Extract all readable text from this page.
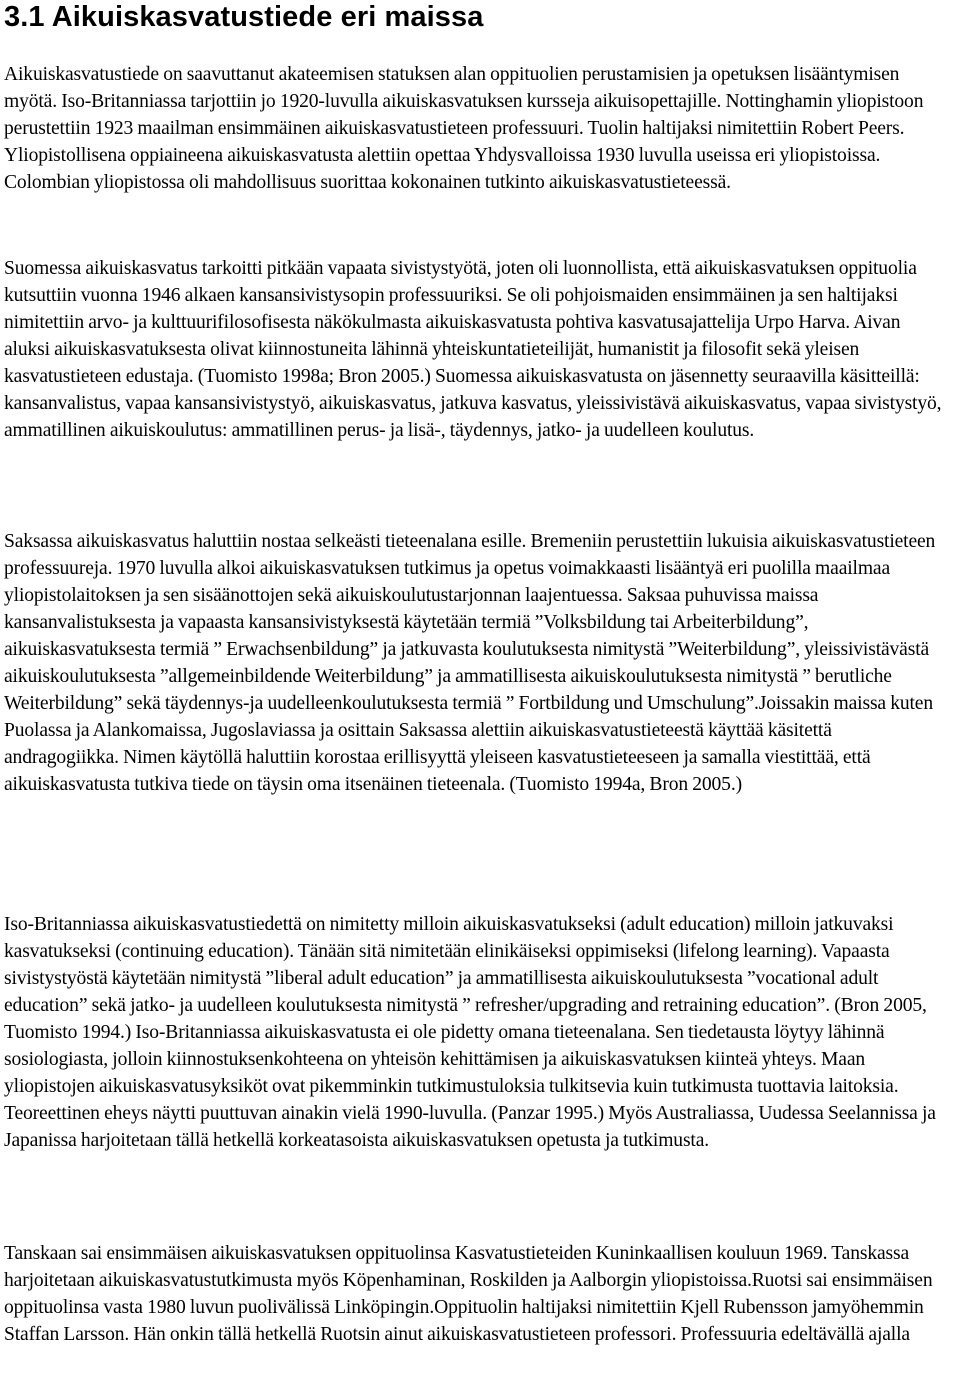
3.1 Aikuiskasvatustiede eri maissa

Aikuiskasvatustiede on saavuttanut akateemisen statuksen alan oppituolien perustamisien ja opetuksen lisääntymisen myötä. Iso-Britanniassa tarjottiin jo 1920-luvulla aikuiskasvatuksen kursseja aikuisopettajille. Nottinghamin yliopistoon perustettiin 1923 maailman ensimmäinen aikuiskasvatustieteen professuuri. Tuolin haltijaksi nimitettiin Robert Peers. Yliopistollisena oppiaineena aikuiskasvatusta alettiin opettaa Yhdysvalloissa 1930 luvulla useissa eri yliopistoissa. Colombian yliopistossa oli mahdollisuus suorittaa kokonainen tutkinto aikuiskasvatustieteessä.

Suomessa aikuiskasvatus tarkoitti pitkään vapaata sivistystyötä, joten oli luonnollista, että aikuiskasvatuksen oppituolia kutsuttiin vuonna 1946 alkaen kansansivistysopin professuuriksi. Se oli pohjoismaiden ensimmäinen ja sen haltijaksi nimitettiin arvo- ja kulttuurifilosofisesta näkökulmasta aikuiskasvatusta pohtiva kasvatusajattelija Urpo Harva. Aivan aluksi aikuiskasvatuksesta olivat kiinnostuneita lähinnä yhteiskuntatieteilijät, humanistit ja filosofit sekä yleisen kasvatustieteen edustaja. (Tuomisto 1998a; Bron 2005.) Suomessa aikuiskasvatusta on jäsennetty seuraavilla käsitteillä: kansanvalistus, vapaa kansansivistystyö, aikuiskasvatus, jatkuva kasvatus, yleissivistävä aikuiskasvatus, vapaa sivistystyö, ammatillinen aikuiskoulutus: ammatillinen perus- ja lisä-, täydennys, jatko- ja uudelleen koulutus.

Saksassa aikuiskasvatus haluttiin nostaa selkeästi tieteenalana esille. Bremeniin perustettiin lukuisia aikuiskasvatustieteen professuureja. 1970 luvulla alkoi aikuiskasvatuksen tutkimus ja opetus voimakkaasti lisääntyä eri puolilla maailmaa yliopistolaitoksen ja sen sisäänottojen sekä aikuiskoulutustarjonnan laajentuessa. Saksaa puhuvissa maissa kansanvalistuksesta ja vapaasta kansansivistyksestä käytetään termiä ”Volksbildung tai Arbeiterbildung”, aikuiskasvatuksesta termiä ” Erwachsenbildung” ja jatkuvasta koulutuksesta nimitystä ”Weiterbildung”, yleissivistävästä aikuiskoulutuksesta ”allgemeinbildende Weiterbildung” ja ammatillisesta aikuiskoulutuksesta nimitystä ” berutliche Weiterbildung” sekä täydennys-ja uudelleenkoulutuksesta termiä ” Fortbildung und Umschulung”.Joissakin maissa kuten Puolassa ja Alankomaissa, Jugoslaviassa ja osittain Saksassa alettiin aikuiskasvatustieteestä käyttää käsitettä andragogiikka. Nimen käytöllä haluttiin korostaa erillisyyttä yleiseen kasvatustieteeseen ja samalla viestittää, että aikuiskasvatusta tutkiva tiede on täysin oma itsenäinen tieteenala. (Tuomisto 1994a, Bron 2005.)

Iso-Britanniassa aikuiskasvatustiedettä on nimitetty milloin aikuiskasvatukseksi (adult education) milloin jatkuvaksi kasvatukseksi (continuing education). Tänään sitä nimitetään elinikäiseksi oppimiseksi (lifelong learning). Vapaasta sivistystyöstä käytetään nimitystä ”liberal adult education” ja ammatillisesta aikuiskoulutuksesta ”vocational adult education” sekä jatko- ja uudelleen koulutuksesta nimitystä ” refresher/upgrading and retraining education”. (Bron 2005, Tuomisto 1994.) Iso-Britanniassa aikuiskasvatusta ei ole pidetty omana tieteenalana. Sen tiedetausta löytyy lähinnä sosiologiasta, jolloin kiinnostuksenkohteena on yhteisön kehittämisen ja aikuiskasvatuksen kiinteä yhteys. Maan yliopistojen aikuiskasvatusyksiköt ovat pikemminkin tutkimustuloksia tulkitsevia kuin tutkimusta tuottavia laitoksia. Teoreettinen eheys näytti puuttuvan ainakin vielä 1990-luvulla. (Panzar 1995.) Myös Australiassa, Uudessa Seelannissa ja Japanissa harjoitetaan tällä hetkellä korkeatasoista aikuiskasvatuksen opetusta ja tutkimusta.

Tanskaan sai ensimmäisen aikuiskasvatuksen oppituolinsa Kasvatustieteiden Kuninkaallisen kouluun 1969. Tanskassa harjoitetaan aikuiskasvatustutkimusta myös Köpenhaminan, Roskilden ja Aalborgin yliopistoissa.Ruotsi sai ensimmäisen oppituolinsa vasta 1980 luvun puolivälissä Linköpingin.Oppituolin haltijaksi nimitettiin Kjell Rubensson jamyöhemmin Staffan Larsson. Hän onkin tällä hetkellä Ruotsin ainut aikuiskasvatustieteen professori. Professuuria edeltävällä ajalla
